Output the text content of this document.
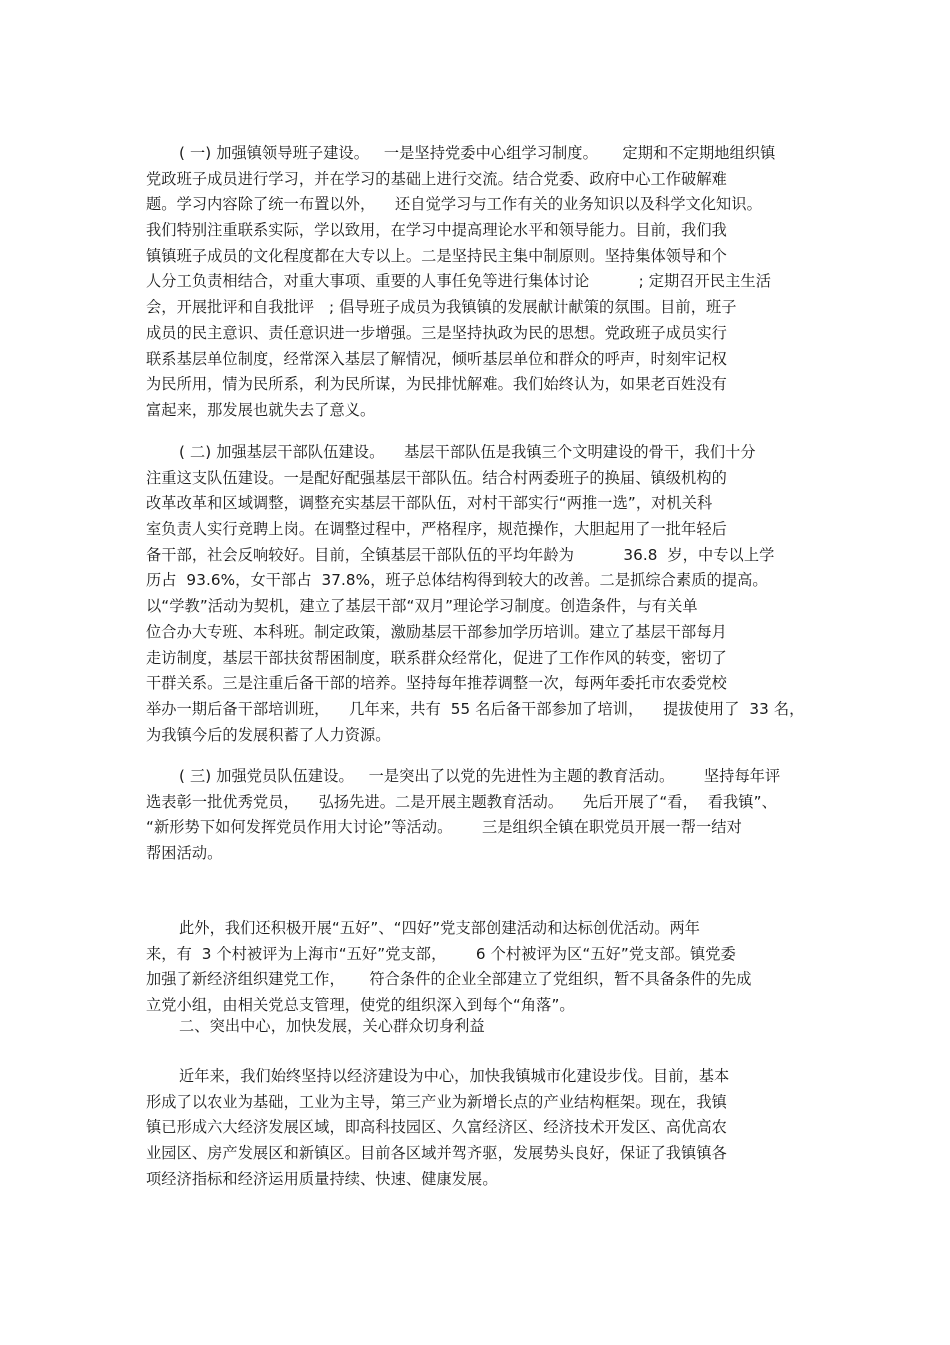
( 一) 加强镇领导班子建设。   一是坚持党委中心组学习制度。     定期和不定期地组织镇
党政班子成员进行学习，并在学习的基础上进行交流。结合党委、政府中心工作破解难
题。学习内容除了统一布置以外，    还自觉学习与工作有关的业务知识以及科学文化知识。
我们特别注重联系实际，学以致用，在学习中提高理论水平和领导能力。目前，我们我
镇镇班子成员的文化程度都在大专以上。二是坚持民主集中制原则。坚持集体领导和个
人分工负责相结合，对重大事项、重要的人事任免等进行集体讨论          ; 定期召开民主生活
会，开展批评和自我批评   ; 倡导班子成员为我镇镇的发展献计献策的氛围。目前，班子
成员的民主意识、责任意识进一步增强。三是坚持执政为民的思想。党政班子成员实行
联系基层单位制度，经常深入基层了解情况，倾听基层单位和群众的呼声，时刻牢记权
为民所用，情为民所系，利为民所谋，为民排忧解难。我们始终认为，如果老百姓没有
富起来，那发展也就失去了意义。
( 二) 加强基层干部队伍建设。    基层干部队伍是我镇三个文明建设的骨干，我们十分
注重这支队伍建设。一是配好配强基层干部队伍。结合村两委班子的换届、镇级机构的
改革改革和区域调整，调整充实基层干部队伍，对村干部实行“两推一选”，对机关科
室负责人实行竞聘上岗。在调整过程中，严格程序，规范操作，大胆起用了一批年轻后
备干部，社会反响较好。目前，全镇基层干部队伍的平均年龄为          36.8  岁，中专以上学
历占  93.6%，女干部占  37.8%，班子总体结构得到较大的改善。二是抓综合素质的提高。
以“学教”活动为契机，建立了基层干部“双月”理论学习制度。创造条件，与有关单
位合办大专班、本科班。制定政策，激励基层干部参加学历培训。建立了基层干部每月
走访制度，基层干部扶贫帮困制度，联系群众经常化，促进了工作作风的转变，密切了
干群关系。三是注重后备干部的培养。坚持每年推荐调整一次，每两年委托市农委党校
举办一期后备干部培训班，    几年来，共有  55 名后备干部参加了培训，    提拔使用了  33 名，
为我镇今后的发展积蓄了人力资源。
( 三) 加强党员队伍建设。   一是突出了以党的先进性为主题的教育活动。      坚持每年评
选表彰一批优秀党员，    弘扬先进。二是开展主题教育活动。    先后开展了“看，  看我镇”、
“新形势下如何发挥党员作用大讨论”等活动。      三是组织全镇在职党员开展一帮一结对
帮困活动。
此外，我们还积极开展“五好”、“四好”党支部创建活动和达标创优活动。两年
来，有  3 个村被评为上海市“五好”党支部，      6 个村被评为区“五好”党支部。镇党委
加强了新经济组织建党工作，     符合条件的企业全部建立了党组织，暂不具备条件的先成
立党小组，由相关党总支管理，使党的组织深入到每个“角落”。
二、突出中心，加快发展，关心群众切身利益
近年来，我们始终坚持以经济建设为中心，加快我镇城市化建设步伐。目前，基本
形成了以农业为基础，工业为主导，第三产业为新增长点的产业结构框架。现在，我镇
镇已形成六大经济发展区域，即高科技园区、久富经济区、经济技术开发区、高优高农
业园区、房产发展区和新镇区。目前各区域并驾齐驱，发展势头良好，保证了我镇镇各
项经济指标和经济运用质量持续、快速、健康发展。
